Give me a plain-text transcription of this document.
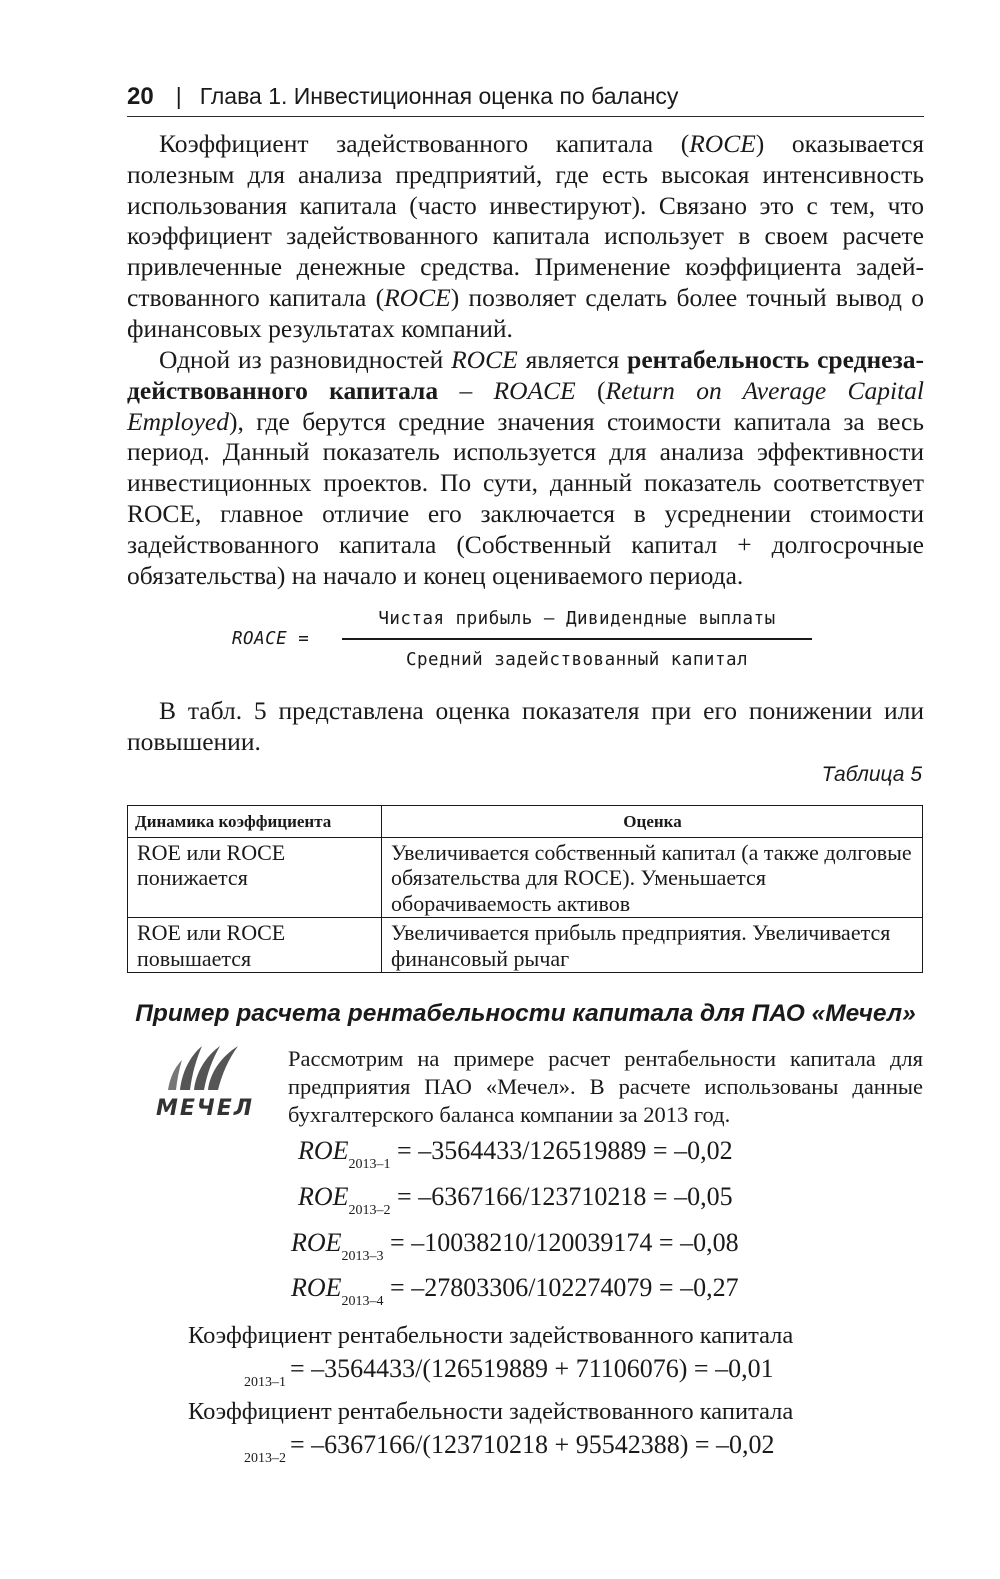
20 | Глава 1. Инвестиционная оценка по балансу
Коэффициент задействованного капитала (ROCE) оказывается полезным для анализа предприятий, где есть высокая интенсивность использования капитала (часто инвестируют). Связано это с тем, что коэффициент задействованного капитала использует в своем расчете привлеченные денежные средства. Применение коэффициента задействованного капитала (ROCE) позволяет сделать более точный вывод о финансовых результатах компаний.
Одной из разновидностей ROCE является рентабельность среднезадействованного капитала – ROACE (Return on Average Capital Employed), где берутся средние значения стоимости капитала за весь период. Данный показатель используется для анализа эффективности инвестиционных проектов. По сути, данный показатель соответствует ROCE, главное отличие его заключается в усреднении стоимости задействованного капитала (Собственный капитал + долгосрочные обязательства) на начало и конец оцениваемого периода.
ROACE =
Чистая прибыль – Дивидендные выплаты
Средний задействованный капитал
В табл. 5 представлена оценка показателя при его понижении или повышении.
Таблица 5
Динамика коэффициента	Оценка
ROE или ROCE понижается	Увеличивается собственный капитал (а также долговые обязательства для ROCE). Уменьшается оборачиваемость активов
ROE или ROCE повышается	Увеличивается прибыль предприятия. Увеличивается финансовый рычаг
Пример расчета рентабельности капитала для ПАО «Мечел»
МЕЧЕЛ
Рассмотрим на примере расчет рентабельности капитала для предприятия ПАО «Мечел». В расчете использованы данные бухгалтерского баланса компании за 2013 год.
$ROE_{2013-1} = -3564433/126519889 = -0,02$
$ROE_{2013-2} = -6367166/123710218 = -0,05$
$ROE_{2013-3} = -10038210/120039174 = -0,08$
$ROE_{2013-4} = -27803306/102274079 = -0,27$
Коэффициент рентабельности задействованного капитала
$_{2013-1}$ = –3564433/(126519889 + 71106076) = –0,01
Коэффициент рентабельности задействованного капитала
$_{2013-2}$ = –6367166/(123710218 + 95542388) = –0,02
